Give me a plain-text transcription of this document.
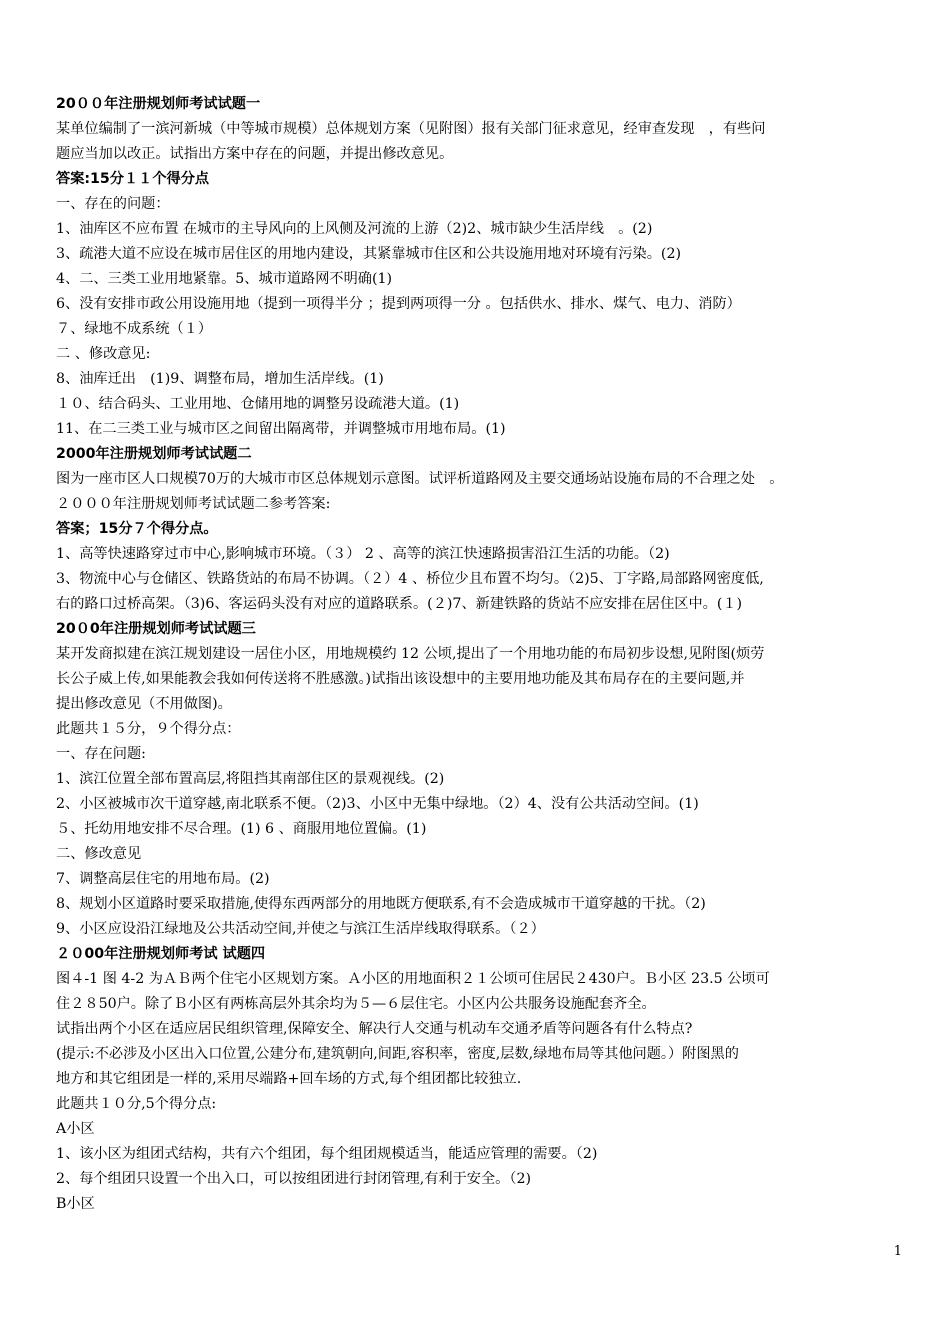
20００年注册规划师考试试题一
某单位编制了一滨河新城（中等城市规模）总体规划方案（见附图）报有关部门征求意见，经审查发现　，有些问
题应当加以改正。试指出方案中存在的问题，并提出修改意见。
答案:15分１１个得分点
一、存在的问题：
1、油库区不应布置 在城市的主导风向的上风侧及河流的上游（2)2、城市缺少生活岸线　。(2)
3、疏港大道不应设在城市居住区的用地内建设，其紧靠城市住区和公共设施用地对环境有污染。(2)
4、二、三类工业用地紧靠。5、城市道路网不明确(1)
6、没有安排市政公用设施用地（提到一项得半分 ；提到两项得一分 。包括供水、排水、煤气、电力、消防）
７、绿地不成系统（１）
二 、修改意见:
8、油库迁出　(1)9、调整布局，增加生活岸线。(1)
１０、结合码头、工业用地、仓储用地的调整另设疏港大道。(1)
11、在二三类工业与城市区之间留出隔离带，并调整城市用地布局。(1)
2000年注册规划师考试试题二
图为一座市区人口规模70万的大城市市区总体规划示意图。试评析道路网及主要交通场站设施布局的不合理之处　。
２０００年注册规划师考试试题二参考答案:
答案；15分７个得分点。
1、高等快速路穿过市中心,影响城市环境。（３） 2 、高等的滨江快速路损害沿江生活的功能。（2)
3、物流中心与仓储区、铁路货站的布局不协调。（２）4 、桥位少且布置不均匀。（2)5、丁字路,局部路网密度低,
右的路口过桥高架。（3)6、客运码头没有对应的道路联系。(２)7、新建铁路的货站不应安排在居住区中。(１)
20０0年注册规划师考试试题三
某开发商拟建在滨江规划建设一居住小区，用地规模约 12 公顷,提出了一个用地功能的布局初步设想,见附图(烦劳
长公子威上传,如果能教会我如何传送将不胜感激。)试指出该设想中的主要用地功能及其布局存在的主要问题,并
提出修改意见（不用做图)。
此题共１５分，９个得分点：
一、存在问题:
1、滨江位置全部布置高层,将阻挡其南部住区的景观视线。(2)
2、小区被城市次干道穿越,南北联系不便。（2)3、小区中无集中绿地。（2）4、没有公共活动空间。(1)
５、托幼用地安排不尽合理。(1) 6 、商服用地位置偏。(1)
二、修改意见
7、调整高层住宅的用地布局。(2)
8、规划小区道路时要采取措施,使得东西两部分的用地既方便联系,有不会造成城市干道穿越的干扰。（2)
9、小区应设沿江绿地及公共活动空间,并使之与滨江生活岸线取得联系。（２）
２０00年注册规划师考试 试题四
图４-1 图 4-2 为ＡＢ两个住宅小区规划方案。Ａ小区的用地面积２１公顷可住居民２430户。Ｂ小区 23.5 公顷可
住２８50户。除了Ｂ小区有两栋高层外其余均为５—６层住宅。小区内公共服务设施配套齐全。
试指出两个小区在适应居民组织管理,保障安全、解决行人交通与机动车交通矛盾等问题各有什么特点?
(提示:不必涉及小区出入口位置,公建分布,建筑朝向,间距,容积率，密度,层数,绿地布局等其他问题。）附图黑的
地方和其它组团是一样的,采用尽端路+回车场的方式,每个组团都比较独立.
此题共１０分,5个得分点:
A小区
1、该小区为组团式结构，共有六个组团，每个组团规模适当，能适应管理的需要。（2)
2、每个组团只设置一个出入口，可以按组团进行封闭管理,有利于安全。（2)
B小区
1
